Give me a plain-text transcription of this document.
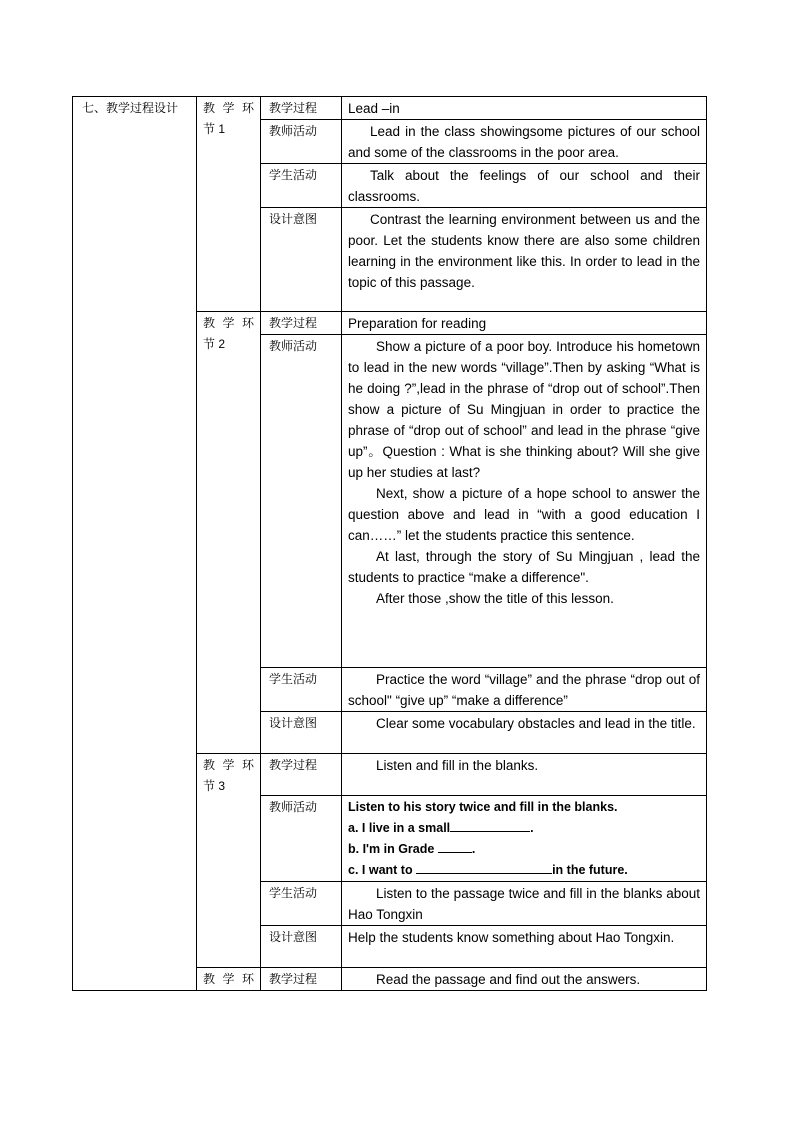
七、教学过程设计	教 学 环
节 1	教学过程	Lead –in
		教师活动	Lead in the class showingsome pictures of our school and some of the classrooms in the poor area.

		学生活动	Talk about the feelings of our school and their classrooms.

		设计意图	Contrast the learning environment between us and the poor. Let the students know there are also some children learning in the environment like this. In order to lead in the topic of this passage.

	教 学 环
节 2	教学过程	Preparation for reading
		教师活动	Show a picture of a poor boy. Introduce his hometown to lead in the new words “village”.Then by asking “What is he doing ?”,lead in the phrase of “drop out of school”.Then show a picture of Su Mingjuan in order to practice the phrase of “drop out of school” and lead in the phrase “give up”。Question : What is she thinking about? Will she give up her studies at last?

Next, show a picture of a hope school to answer the question above and lead in “with a good education I can……” let the students practice this sentence.

At last, through the story of Su Mingjuan , lead the students to practice “make a difference".

After those ,show the title of this lesson.

		学生活动	Practice the word “village” and the phrase “drop out of school" “give up” “make a difference”

		设计意图	Clear some vocabulary obstacles and lead in the title.

	教 学 环
节 3	教学过程	Listen and fill in the blanks.

		教师活动	Listen to his story twice and fill in the blanks.

a. I live in a small .

b. I'm in Grade .

c. I want to in the future.

		学生活动	Listen to the passage twice and fill in the blanks about Hao Tongxin

		设计意图	Help the students know something about Hao Tongxin.

	教 学 环	教学过程	Read the passage and find out the answers.
